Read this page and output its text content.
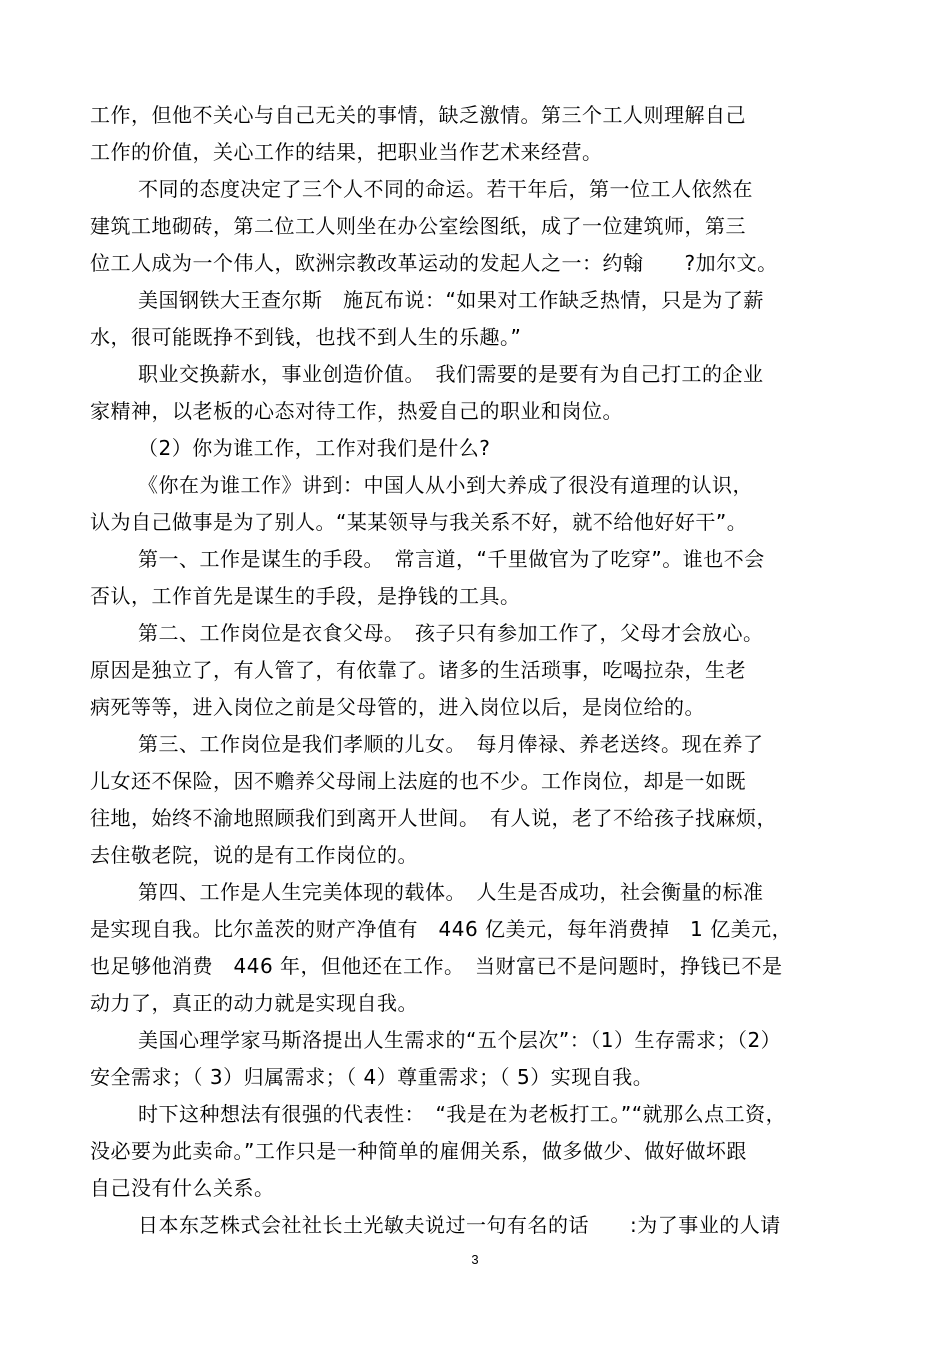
工作，但他不关心与自己无关的事情，缺乏激情。第三个工人则理解自己
工作的价值，关心工作的结果，把职业当作艺术来经营。
不同的态度决定了三个人不同的命运。若干年后，第一位工人依然在
建筑工地砌砖，第二位工人则坐在办公室绘图纸，成了一位建筑师，第三
位工人成为一个伟人，欧洲宗教改革运动的发起人之一：约翰　　?加尔文。
美国钢铁大王查尔斯　施瓦布说：“如果对工作缺乏热情，只是为了薪
水，很可能既挣不到钱，也找不到人生的乐趣。”
职业交换薪水，事业创造价值。　我们需要的是要有为自己打工的企业
家精神，以老板的心态对待工作，热爱自己的职业和岗位。
（2）你为谁工作，工作对我们是什么?
《你在为谁工作》讲到：中国人从小到大养成了很没有道理的认识，
认为自己做事是为了别人。“某某领导与我关系不好，就不给他好好干”。
第一、工作是谋生的手段。　常言道，“千里做官为了吃穿”。谁也不会
否认，工作首先是谋生的手段，是挣钱的工具。
第二、工作岗位是衣食父母。　孩子只有参加工作了，父母才会放心。
原因是独立了，有人管了，有依靠了。诸多的生活琐事，吃喝拉杂，生老
病死等等，进入岗位之前是父母管的，进入岗位以后，是岗位给的。
第三、工作岗位是我们孝顺的儿女。　每月俸禄、养老送终。现在养了
儿女还不保险，因不赡养父母闹上法庭的也不少。工作岗位，却是一如既
往地，始终不渝地照顾我们到离开人世间。　有人说，老了不给孩子找麻烦，
去住敬老院，说的是有工作岗位的。
第四、工作是人生完美体现的载体。　人生是否成功，社会衡量的标准
是实现自我。比尔盖茨的财产净值有　446 亿美元，每年消费掉　1 亿美元，
也足够他消费　446 年，但他还在工作。　当财富已不是问题时，挣钱已不是
动力了，真正的动力就是实现自我。
美国心理学家马斯洛提出人生需求的“五个层次”：（1）生存需求；（2）
安全需求；（ 3）归属需求；（ 4）尊重需求；（ 5）实现自我。
时下这种想法有很强的代表性：　“我是在为老板打工。”“就那么点工资，
没必要为此卖命。”工作只是一种简单的雇佣关系，做多做少、做好做坏跟
自己没有什么关系。
日本东芝株式会社社长土光敏夫说过一句有名的话　　:为了事业的人请
3
